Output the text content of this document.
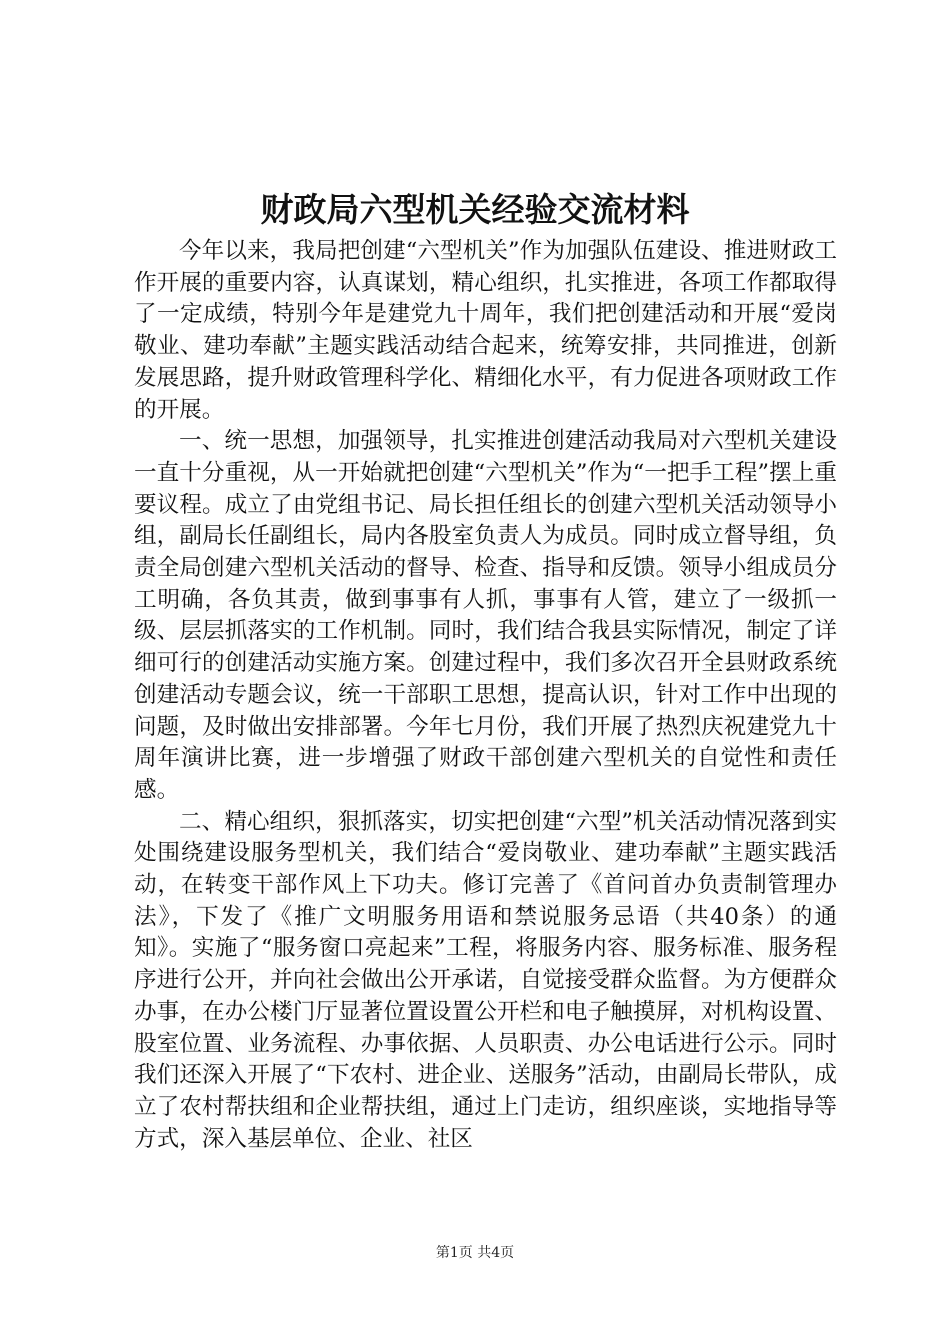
财政局六型机关经验交流材料

今年以来，我局把创建“六型机关”作为加强队伍建设、推进财政工作开展的重要内容，认真谋划，精心组织，扎实推进，各项工作都取得了一定成绩，特别今年是建党九十周年，我们把创建活动和开展“爱岗敬业、建功奉献”主题实践活动结合起来，统筹安排，共同推进，创新发展思路，提升财政管理科学化、精细化水平，有力促进各项财政工作的开展。

一、统一思想，加强领导，扎实推进创建活动我局对六型机关建设一直十分重视，从一开始就把创建“六型机关”作为“一把手工程”摆上重要议程。成立了由党组书记、局长担任组长的创建六型机关活动领导小组，副局长任副组长，局内各股室负责人为成员。同时成立督导组，负责全局创建六型机关活动的督导、检查、指导和反馈。领导小组成员分工明确，各负其责，做到事事有人抓，事事有人管，建立了一级抓一级、层层抓落实的工作机制。同时，我们结合我县实际情况，制定了详细可行的创建活动实施方案。创建过程中，我们多次召开全县财政系统创建活动专题会议，统一干部职工思想，提高认识，针对工作中出现的问题，及时做出安排部署。今年七月份，我们开展了热烈庆祝建党九十周年演讲比赛，进一步增强了财政干部创建六型机关的自觉性和责任感。

二、精心组织，狠抓落实，切实把创建“六型”机关活动情况落到实处围绕建设服务型机关，我们结合“爱岗敬业、建功奉献”主题实践活动，在转变干部作风上下功夫。修订完善了《首问首办负责制管理办法》，下发了《推广文明服务用语和禁说服务忌语（共40条）的通知》。实施了“服务窗口亮起来”工程，将服务内容、服务标准、服务程序进行公开，并向社会做出公开承诺，自觉接受群众监督。为方便群众办事，在办公楼门厅显著位置设置公开栏和电子触摸屏，对机构设置、股室位置、业务流程、办事依据、人员职责、办公电话进行公示。同时我们还深入开展了“下农村、进企业、送服务”活动，由副局长带队，成立了农村帮扶组和企业帮扶组，通过上门走访，组织座谈，实地指导等方式，深入基层单位、企业、社区

第1页 共4页
